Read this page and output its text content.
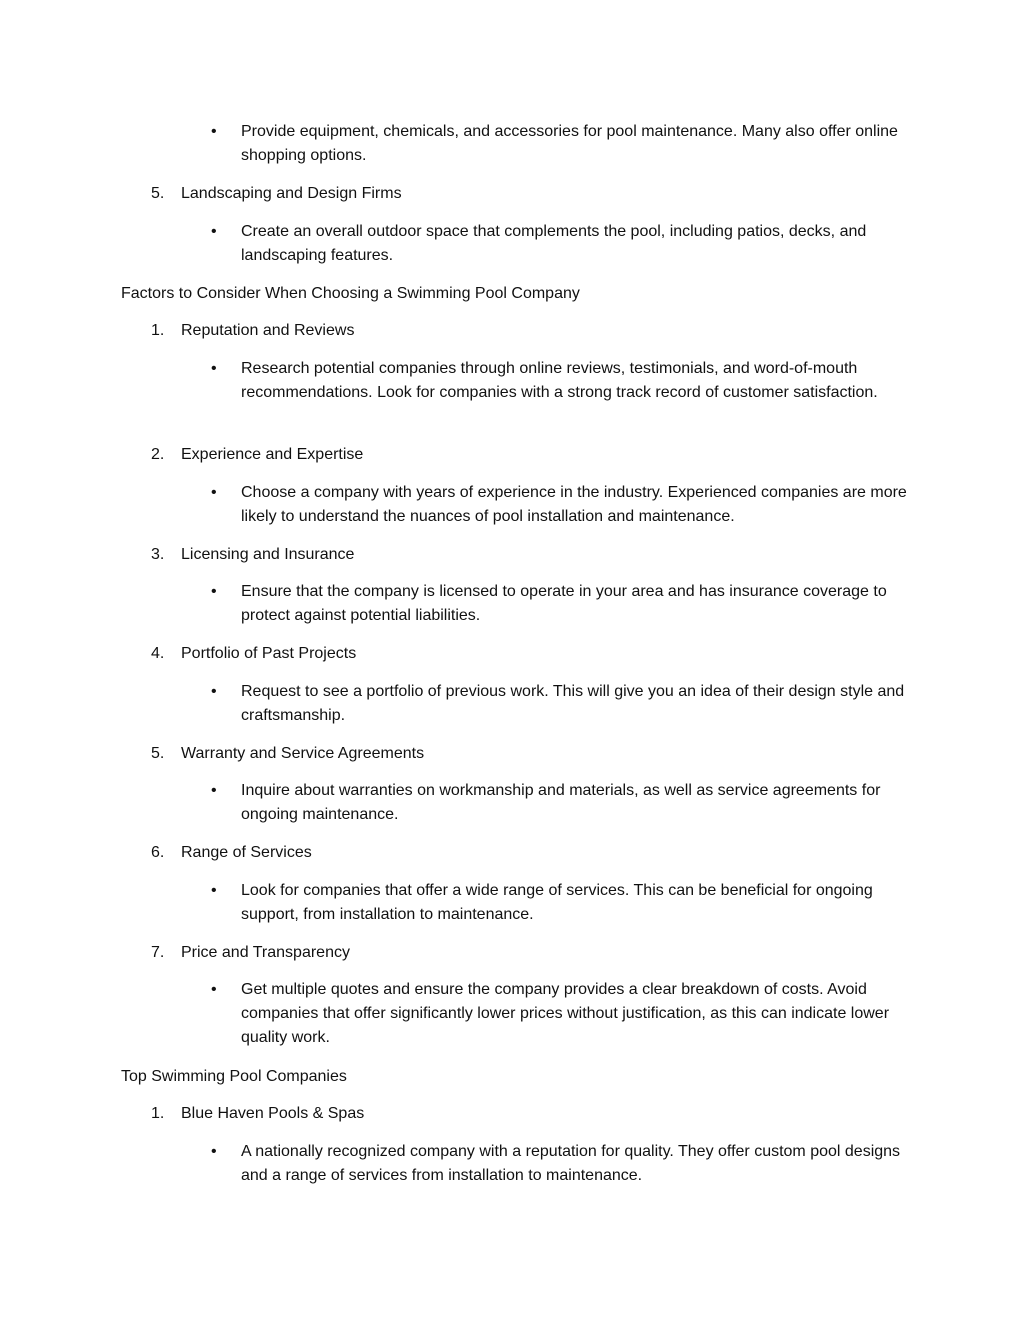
• Provide equipment, chemicals, and accessories for pool maintenance. Many also offer online shopping options.
5. Landscaping and Design Firms
• Create an overall outdoor space that complements the pool, including patios, decks, and landscaping features.
Factors to Consider When Choosing a Swimming Pool Company
1. Reputation and Reviews
• Research potential companies through online reviews, testimonials, and word-of-mouth recommendations. Look for companies with a strong track record of customer satisfaction.
2. Experience and Expertise
• Choose a company with years of experience in the industry. Experienced companies are more likely to understand the nuances of pool installation and maintenance.
3. Licensing and Insurance
• Ensure that the company is licensed to operate in your area and has insurance coverage to protect against potential liabilities.
4. Portfolio of Past Projects
• Request to see a portfolio of previous work. This will give you an idea of their design style and craftsmanship.
5. Warranty and Service Agreements
• Inquire about warranties on workmanship and materials, as well as service agreements for ongoing maintenance.
6. Range of Services
• Look for companies that offer a wide range of services. This can be beneficial for ongoing support, from installation to maintenance.
7. Price and Transparency
• Get multiple quotes and ensure the company provides a clear breakdown of costs. Avoid companies that offer significantly lower prices without justification, as this can indicate lower quality work.
Top Swimming Pool Companies
1. Blue Haven Pools & Spas
• A nationally recognized company with a reputation for quality. They offer custom pool designs and a range of services from installation to maintenance.
